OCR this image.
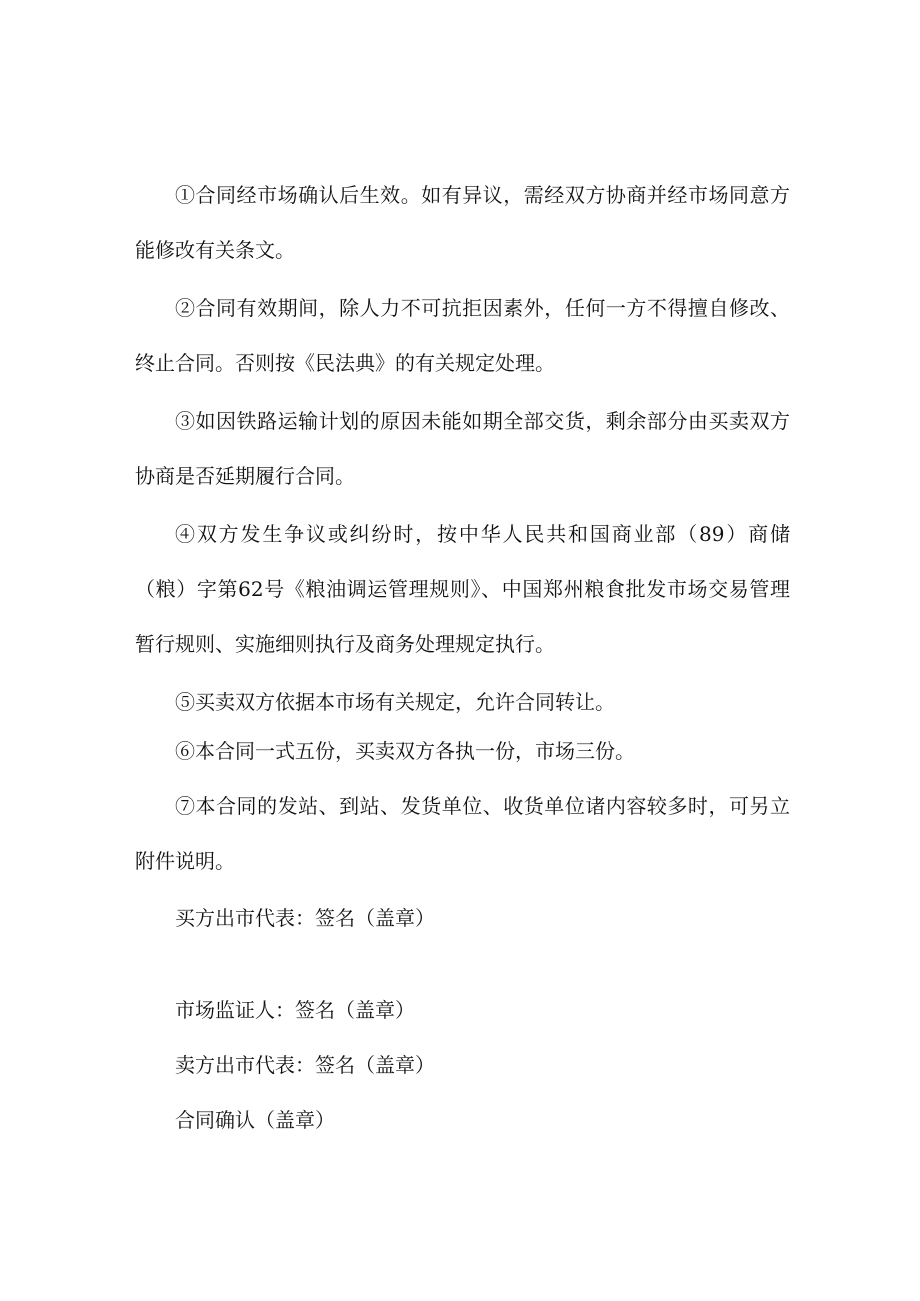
①合同经市场确认后生效。如有异议，需经双方协商并经市场同意方能修改有关条文。

②合同有效期间，除人力不可抗拒因素外，任何一方不得擅自修改、终止合同。否则按《民法典》的有关规定处理。

③如因铁路运输计划的原因未能如期全部交货，剩余部分由买卖双方协商是否延期履行合同。

④双方发生争议或纠纷时，按中华人民共和国商业部（89）商储（粮）字第62号《粮油调运管理规则》、中国郑州粮食批发市场交易管理暂行规则、实施细则执行及商务处理规定执行。

⑤买卖双方依据本市场有关规定，允许合同转让。

⑥本合同一式五份，买卖双方各执一份，市场三份。

⑦本合同的发站、到站、发货单位、收货单位诸内容较多时，可另立附件说明。

买方出市代表：签名（盖章）

市场监证人：签名（盖章）

卖方出市代表：签名（盖章）

合同确认（盖章）
